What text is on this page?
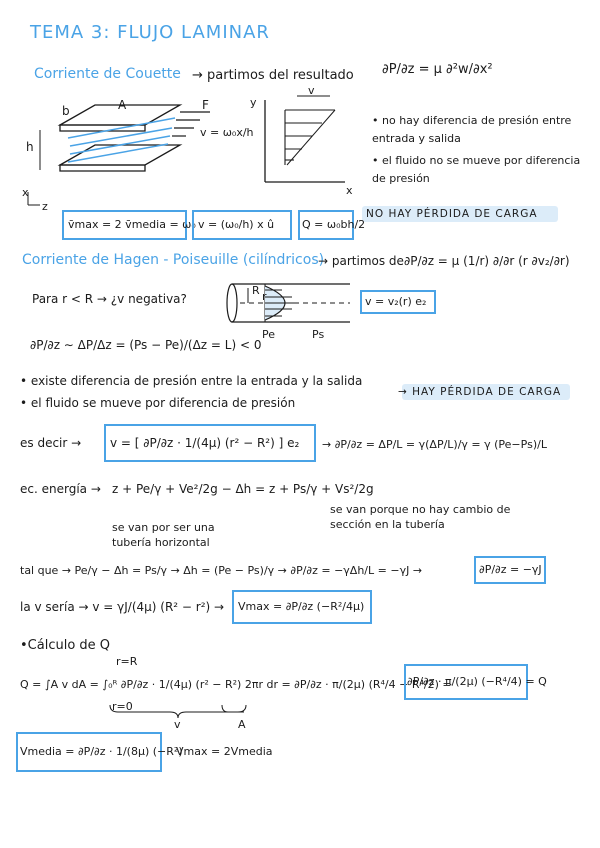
TEMA 3: FLUJO LAMINAR
Corriente de Couette → partimos del resultado ∂P/∂z = μ ∂²w/∂x²
A
b
h
F
v = ω₀x/h
x
z
v
y
x
• no hay diferencia de presión entre entrada y salida
• el fluido no se mueve por diferencia de presión
NO HAY PÉRDIDA DE CARGA
v̄max = 2 v̄media = ω₀ v = (ω₀/h) x û	Q = ω₀bh/2
Corriente de Hagen - Poiseuille (cilíndricos)
→ partimos de ∂P/∂z = μ (1/r) ∂/∂r (r ∂v₂/∂r)
Para r < R → ¿v negativa?
R r
Pe	Ps
v = v₂(r) e₂
∂P/∂z ∼ ΔP/Δz = (Ps − Pe)/(Δz = L) < 0
• existe diferencia de presión entre la entrada y la salida
• el fluido se mueve por diferencia de presión
→ HAY PÉRDIDA DE CARGA
es decir → v = [ ∂P/∂z · 1/(4μ) (r² − R²) ] e₂ → ∂P/∂z = ΔP/L = γ(ΔP/L)/γ = γ (Pe−Ps)/L
ec. energía → z + Pe/γ + Ve²/2g − Δh = z + Ps/γ + Vs²/2g
se van por ser una tubería horizontal
se van porque no hay cambio de sección en la tubería
tal que → Pe/γ − Δh = Ps/γ → Δh = (Pe − Ps)/γ → ∂P/∂z = −γΔh/L = −γJ →	∂P/∂z = −γJ
la v sería → v = γJ/(4μ) (R² − r²) → Vmax = ∂P/∂z (−R²/4μ)
•Cálculo de Q
r=R
r=0
Q = ∫A v dA = ∫₀ᴿ ∂P/∂z · 1/(4μ) (r² − R²) 2πr dr = ∂P/∂z · π/(2μ) (R⁴/4 − R⁴/2) =
∂P/∂z · π/(2μ) (−R⁴/4) = Q
v	A
Vmedia = ∂P/∂z · 1/(8μ) (−R²)
Vmax = 2Vmedia
